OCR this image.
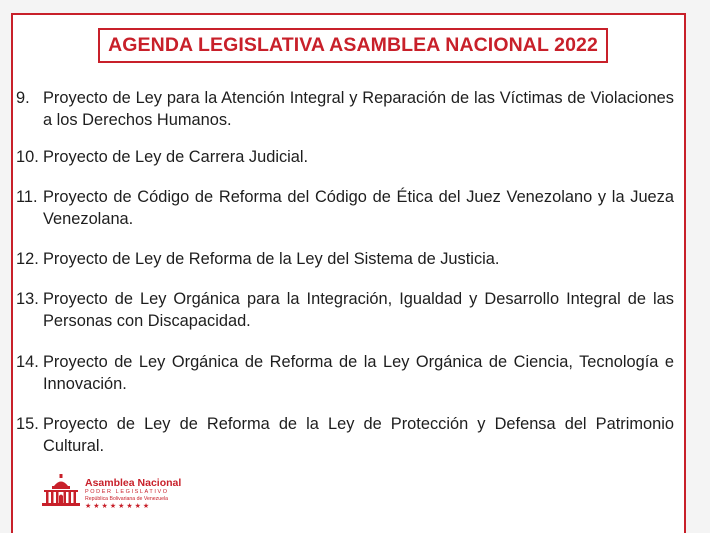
AGENDA LEGISLATIVA ASAMBLEA NACIONAL 2022
9. Proyecto de Ley para la Atención Integral y Reparación de las Víctimas de Violaciones a los Derechos Humanos.
10. Proyecto de Ley de Carrera Judicial.
11. Proyecto de Código de Reforma del Código de Ética del Juez Venezolano y la Jueza Venezolana.
12. Proyecto de Ley de Reforma de la Ley del Sistema de Justicia.
13. Proyecto de Ley Orgánica para la Integración, Igualdad y Desarrollo Integral de las Personas con Discapacidad.
14. Proyecto de Ley Orgánica de Reforma de la Ley Orgánica de Ciencia, Tecnología e Innovación.
15. Proyecto de Ley de Reforma de la Ley de Protección y Defensa del Patrimonio Cultural.
Asamblea Nacional
PODER LEGISLATIVO
República Bolivariana de Venezuela
★★★★★★★★
